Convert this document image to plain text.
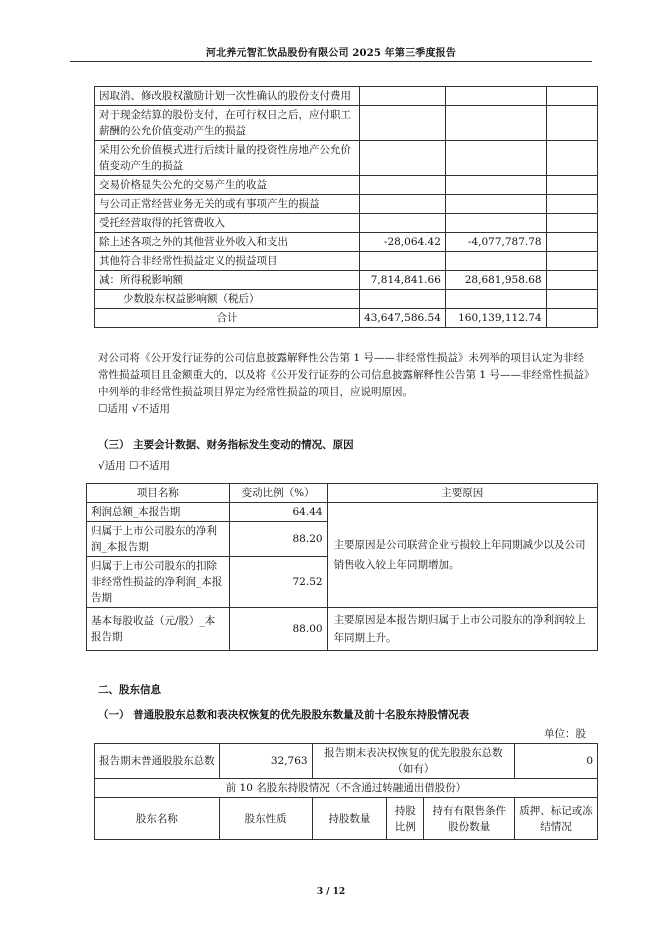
河北养元智汇饮品股份有限公司 2025 年第三季度报告
因取消、修改股权激励计划一次性确认的股份支付费用			
对于现金结算的股份支付，在可行权日之后，应付职工薪酬的公允价值变动产生的损益			
采用公允价值模式进行后续计量的投资性房地产公允价值变动产生的损益			
交易价格显失公允的交易产生的收益			
与公司正常经营业务无关的或有事项产生的损益			
受托经营取得的托管费收入			
除上述各项之外的其他营业外收入和支出	-28,064.42	-4,077,787.78	
其他符合非经常性损益定义的损益项目			
减：所得税影响额	7,814,841.66	28,681,958.68	
少数股东权益影响额（税后）			
合计	43,647,586.54	160,139,112.74	
对公司将《公开发行证券的公司信息披露解释性公告第 1 号——非经常性损益》未列举的项目认定为非经常性损益项目且金额重大的，以及将《公开发行证券的公司信息披露解释性公告第 1 号——非经常性损益》中列举的非经常性损益项目界定为经常性损益的项目，应说明原因。
☐适用 √不适用
（三） 主要会计数据、财务指标发生变动的情况、原因
√适用 ☐不适用
项目名称	变动比例（%）	主要原因
利润总额_本报告期	64.44	主要原因是公司联营企业亏损较上年同期减少以及公司销售收入较上年同期增加。
归属于上市公司股东的净利润_本报告期	88.20	
归属于上市公司股东的扣除非经常性损益的净利润_本报告期	72.52	
基本每股收益（元/股）_本报告期	88.00	主要原因是本报告期归属于上市公司股东的净利润较上年同期上升。
二、股东信息
（一） 普通股股东总数和表决权恢复的优先股股东数量及前十名股东持股情况表
单位：股
报告期末普通股股东总数	32,763	报告期末表决权恢复的优先股股东总数（如有）	0
前 10 名股东持股情况（不含通过转融通出借股份）
股东名称	股东性质	持股数量	持股比例	持有有限售条件股份数量	质押、标记或冻结情况
3 / 12
